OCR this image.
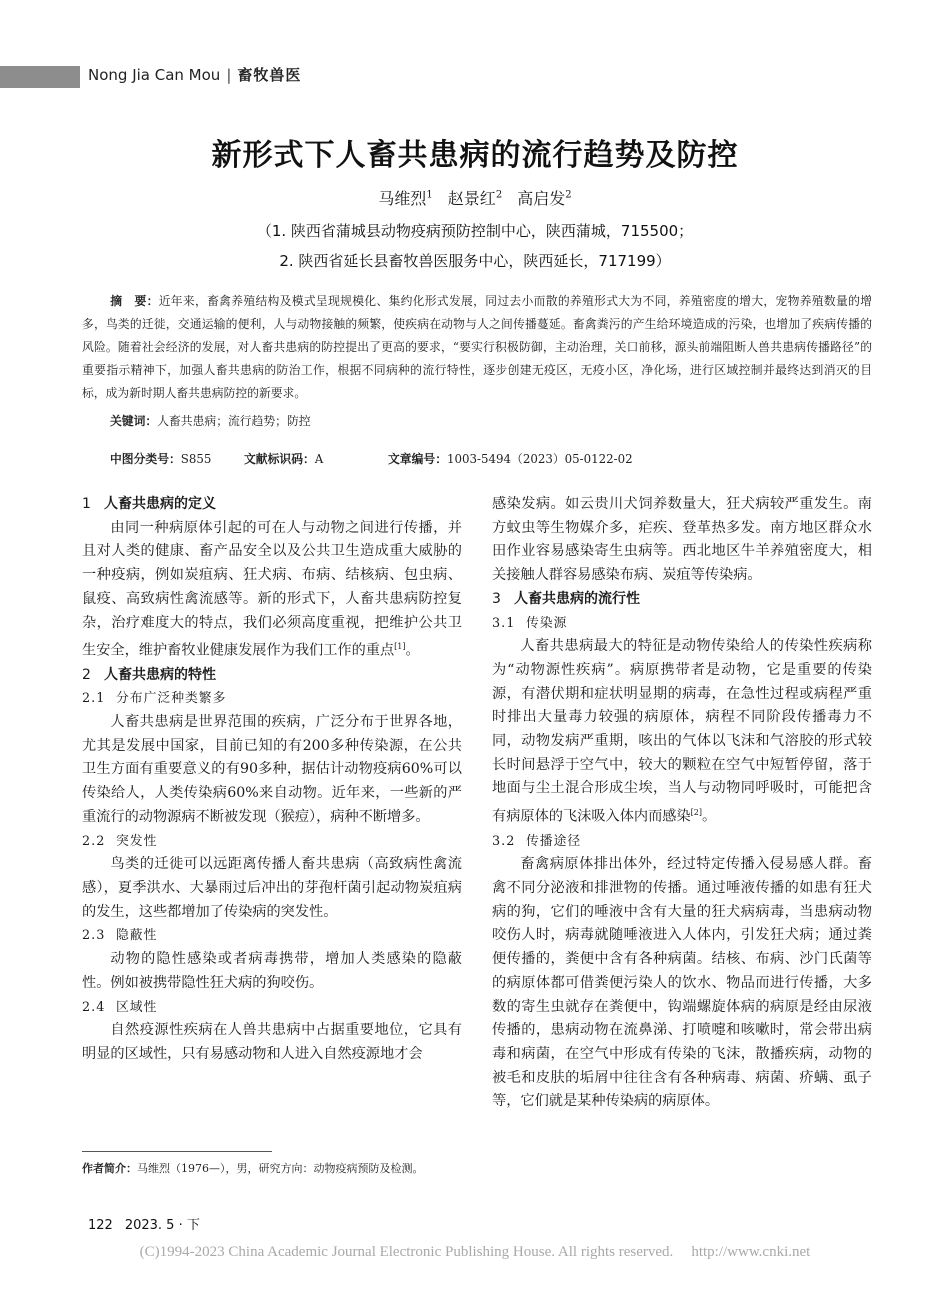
Nong Jia Can Mou | 畜牧兽医
新形式下人畜共患病的流行趋势及防控
马维烈$^1$ 赵景红$^2$ 高启发$^2$
（1. 陕西省蒲城县动物疫病预防控制中心，陕西蒲城，715500；
2. 陕西省延长县畜牧兽医服务中心，陕西延长，717199）
摘　要：近年来，畜禽养殖结构及模式呈现规模化、集约化形式发展，同过去小而散的养殖形式大为不同，养殖密度的增大，宠物养殖数量的增多，鸟类的迁徙，交通运输的便利，人与动物接触的频繁，使疾病在动物与人之间传播蔓延。畜禽粪污的产生给环境造成的污染，也增加了疾病传播的风险。随着社会经济的发展，对人畜共患病的防控提出了更高的要求，“要实行积极防御，主动治理，关口前移，源头前端阻断人兽共患病传播路径”的重要指示精神下，加强人畜共患病的防治工作，根据不同病种的流行特性，逐步创建无疫区，无疫小区，净化场，进行区域控制并最终达到消灭的目标，成为新时期人畜共患病防控的新要求。
关键词：人畜共患病；流行趋势；防控
中图分类号：S855	文献标识码：A	文章编号：1003-5494（2023）05-0122-02
1 人畜共患病的定义

由同一种病原体引起的可在人与动物之间进行传播，并且对人类的健康、畜产品安全以及公共卫生造成重大威胁的一种疫病，例如炭疽病、狂犬病、布病、结核病、包虫病、鼠疫、高致病性禽流感等。新的形式下，人畜共患病防控复杂，治疗难度大的特点，我们必须高度重视，把维护公共卫生安全，维护畜牧业健康发展作为我们工作的重点[1]。

2 人畜共患病的特性
2.1 分布广泛种类繁多

人畜共患病是世界范围的疾病，广泛分布于世界各地，尤其是发展中国家，目前已知的有200多种传染源，在公共卫生方面有重要意义的有90多种，据估计动物疫病60%可以传染给人，人类传染病60%来自动物。近年来，一些新的严重流行的动物源病不断被发现（猴痘），病种不断增多。

2.2 突发性

鸟类的迁徙可以远距离传播人畜共患病（高致病性禽流感），夏季洪水、大暴雨过后冲出的芽孢杆菌引起动物炭疽病的发生，这些都增加了传染病的突发性。

2.3 隐蔽性

动物的隐性感染或者病毒携带，增加人类感染的隐蔽性。例如被携带隐性狂犬病的狗咬伤。

2.4 区域性

自然疫源性疾病在人兽共患病中占据重要地位，它具有明显的区域性，只有易感动物和人进入自然疫源地才会

感染发病。如云贵川犬饲养数量大，狂犬病较严重发生。南方蚊虫等生物媒介多，疟疾、登革热多发。南方地区群众水田作业容易感染寄生虫病等。西北地区牛羊养殖密度大，相关接触人群容易感染布病、炭疽等传染病。

3 人畜共患病的流行性
3.1 传染源

人畜共患病最大的特征是动物传染给人的传染性疾病称为“动物源性疾病”。病原携带者是动物，它是重要的传染源，有潜伏期和症状明显期的病毒，在急性过程或病程严重时排出大量毒力较强的病原体，病程不同阶段传播毒力不同，动物发病严重期，咳出的气体以飞沫和气溶胶的形式较长时间悬浮于空气中，较大的颗粒在空气中短暂停留，落于地面与尘土混合形成尘埃，当人与动物同呼吸时，可能把含有病原体的飞沫吸入体内而感染[2]。

3.2 传播途径

畜禽病原体排出体外，经过特定传播入侵易感人群。畜禽不同分泌液和排泄物的传播。通过唾液传播的如患有狂犬病的狗，它们的唾液中含有大量的狂犬病病毒，当患病动物咬伤人时，病毒就随唾液进入人体内，引发狂犬病；通过粪便传播的，粪便中含有各种病菌。结核、布病、沙门氏菌等的病原体都可借粪便污染人的饮水、物品而进行传播，大多数的寄生虫就存在粪便中，钩端螺旋体病的病原是经由尿液传播的，患病动物在流鼻涕、打喷嚏和咳嗽时，常会带出病毒和病菌，在空气中形成有传染的飞沫，散播疾病，动物的被毛和皮肤的垢屑中往往含有各种病毒、病菌、疥螨、虱子等，它们就是某种传染病的病原体。

作者简介：马维烈（1976—），男，研究方向：动物疫病预防及检测。
122 2023. 5 · 下
(C)1994-2023 China Academic Journal Electronic Publishing House. All rights reserved. http://www.cnki.net
